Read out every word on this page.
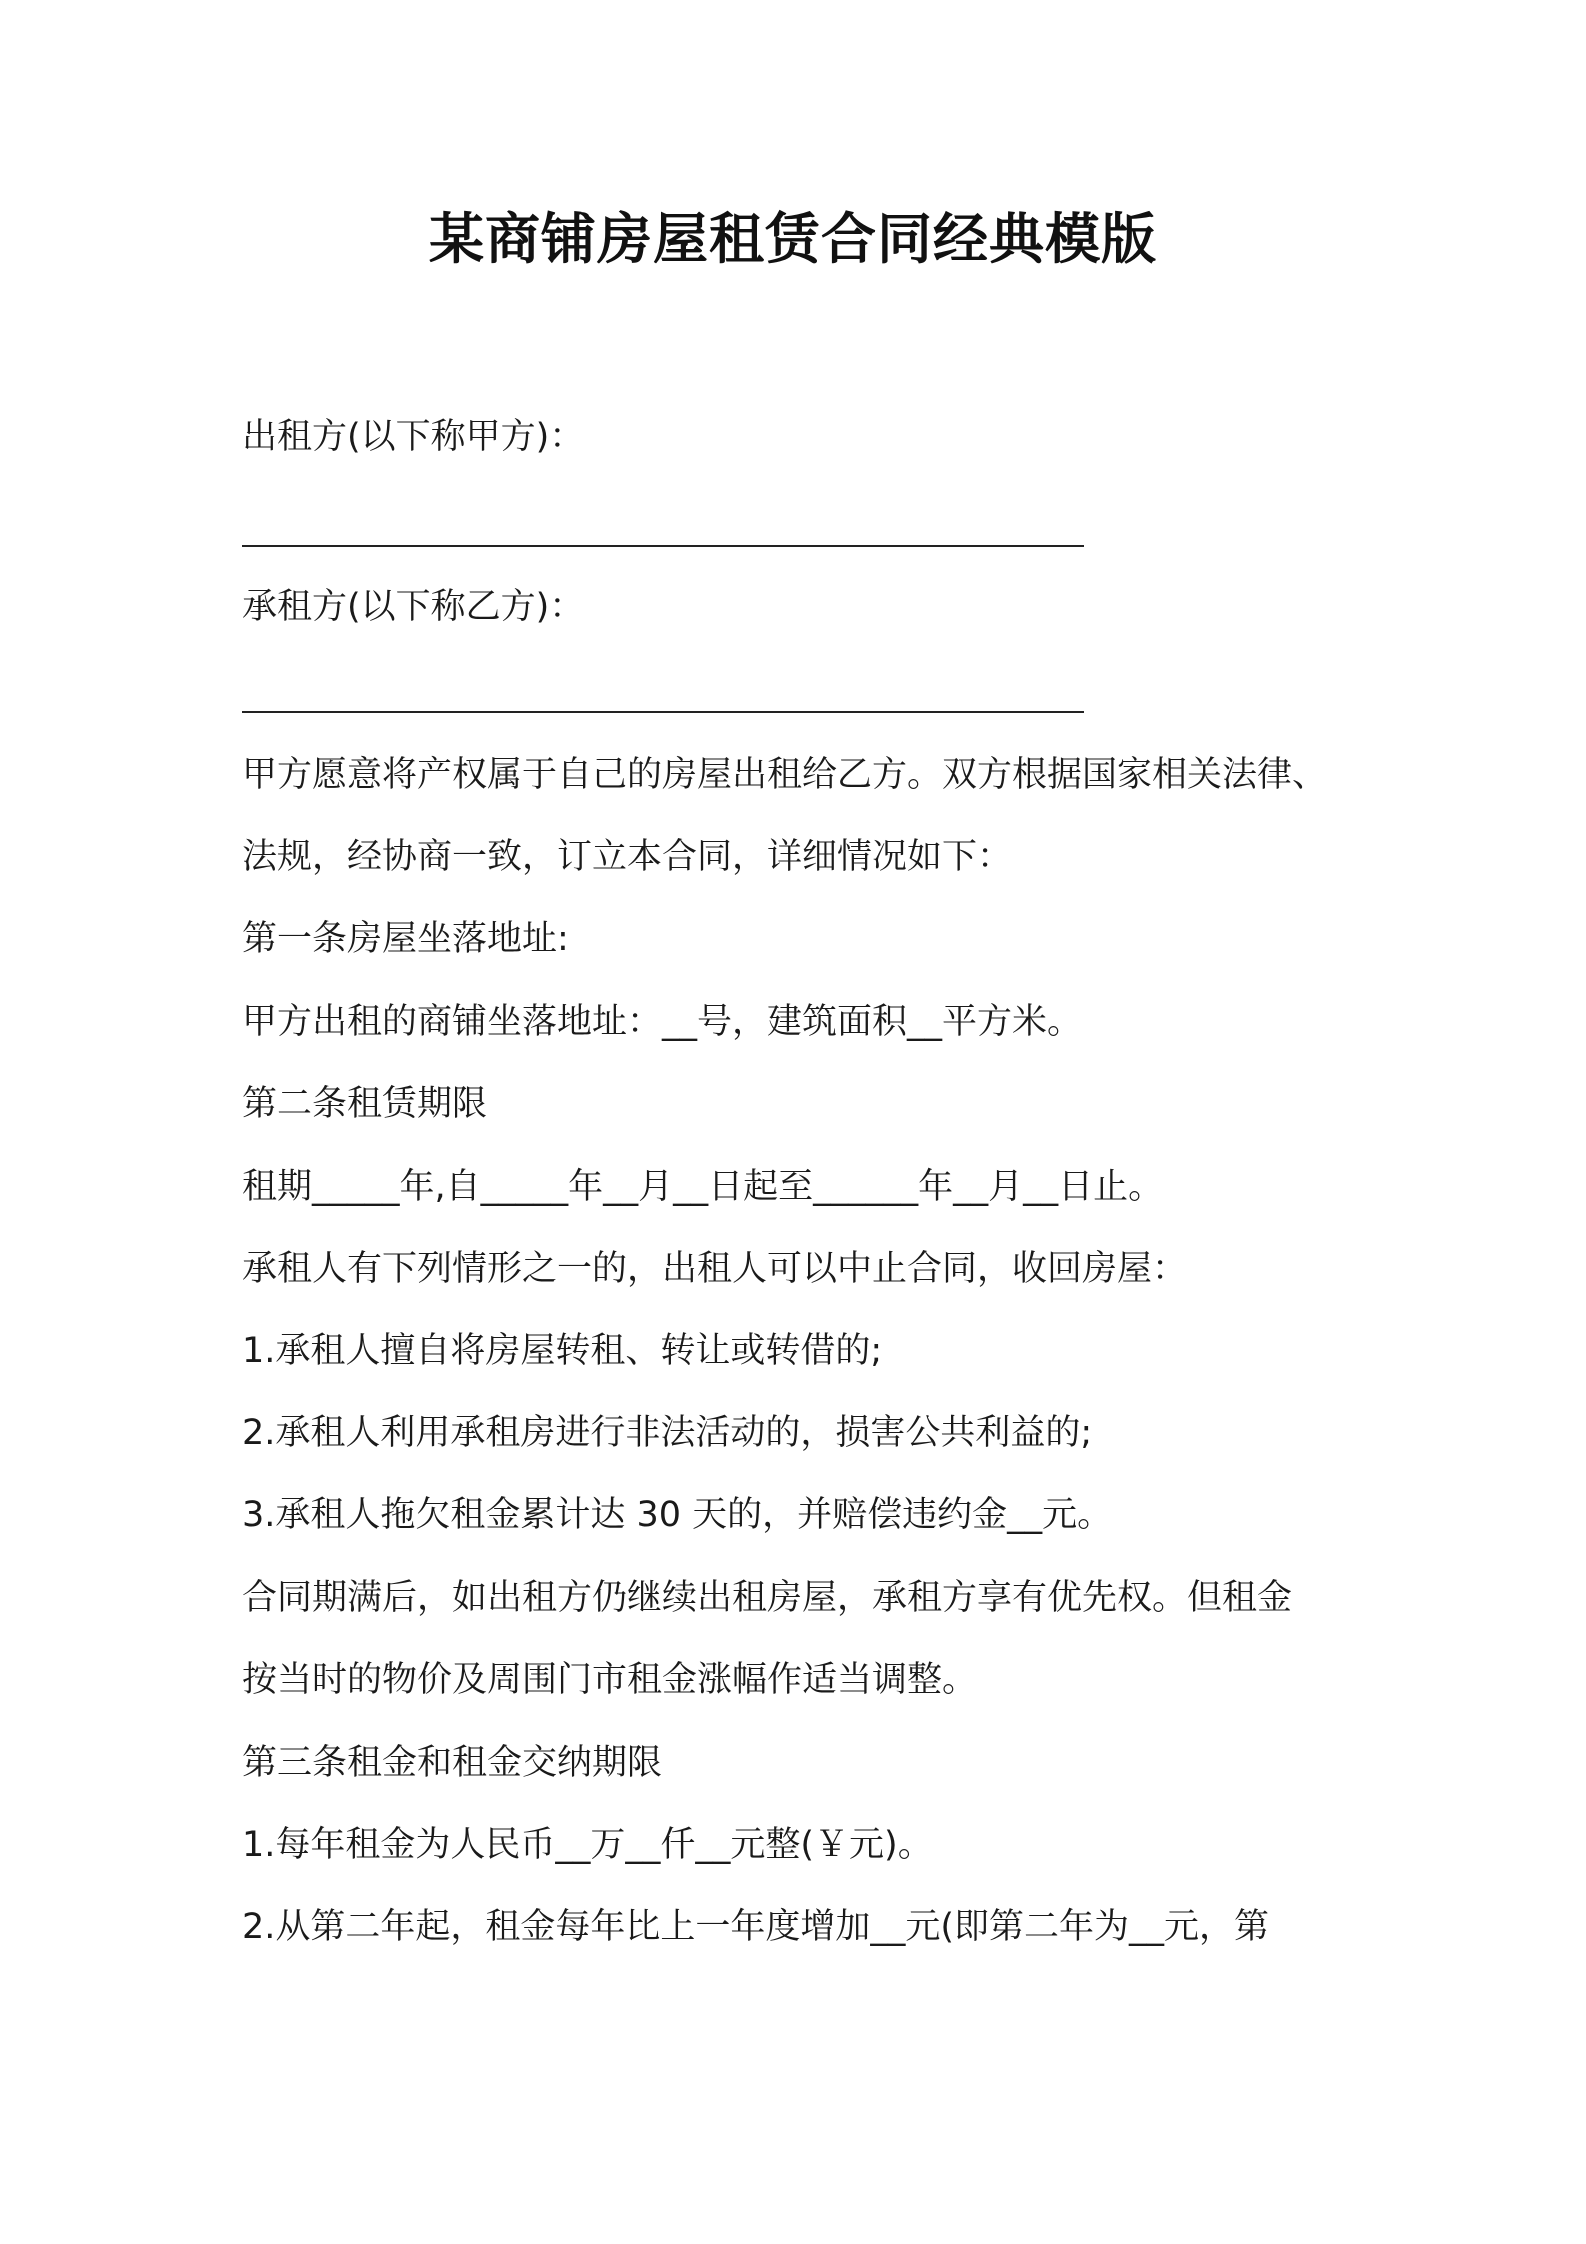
某商铺房屋租赁合同经典模版
出租方(以下称甲方)：
承租方(以下称乙方)：
甲方愿意将产权属于自己的房屋出租给乙方。双方根据国家相关法律、
法规，经协商一致，订立本合同，详细情况如下：
第一条房屋坐落地址:
甲方出租的商铺坐落地址：__号，建筑面积__平方米。
第二条租赁期限
租期_____年,自_____年__月__日起至______年__月__日止。
承租人有下列情形之一的，出租人可以中止合同，收回房屋：
1.承租人擅自将房屋转租、转让或转借的;
2.承租人利用承租房进行非法活动的，损害公共利益的;
3.承租人拖欠租金累计达 30 天的，并赔偿违约金__元。
合同期满后，如出租方仍继续出租房屋，承租方享有优先权。但租金
按当时的物价及周围门市租金涨幅作适当调整。
第三条租金和租金交纳期限
1.每年租金为人民币__万__仟__元整(￥元)。
2.从第二年起，租金每年比上一年度增加__元(即第二年为__元，第
